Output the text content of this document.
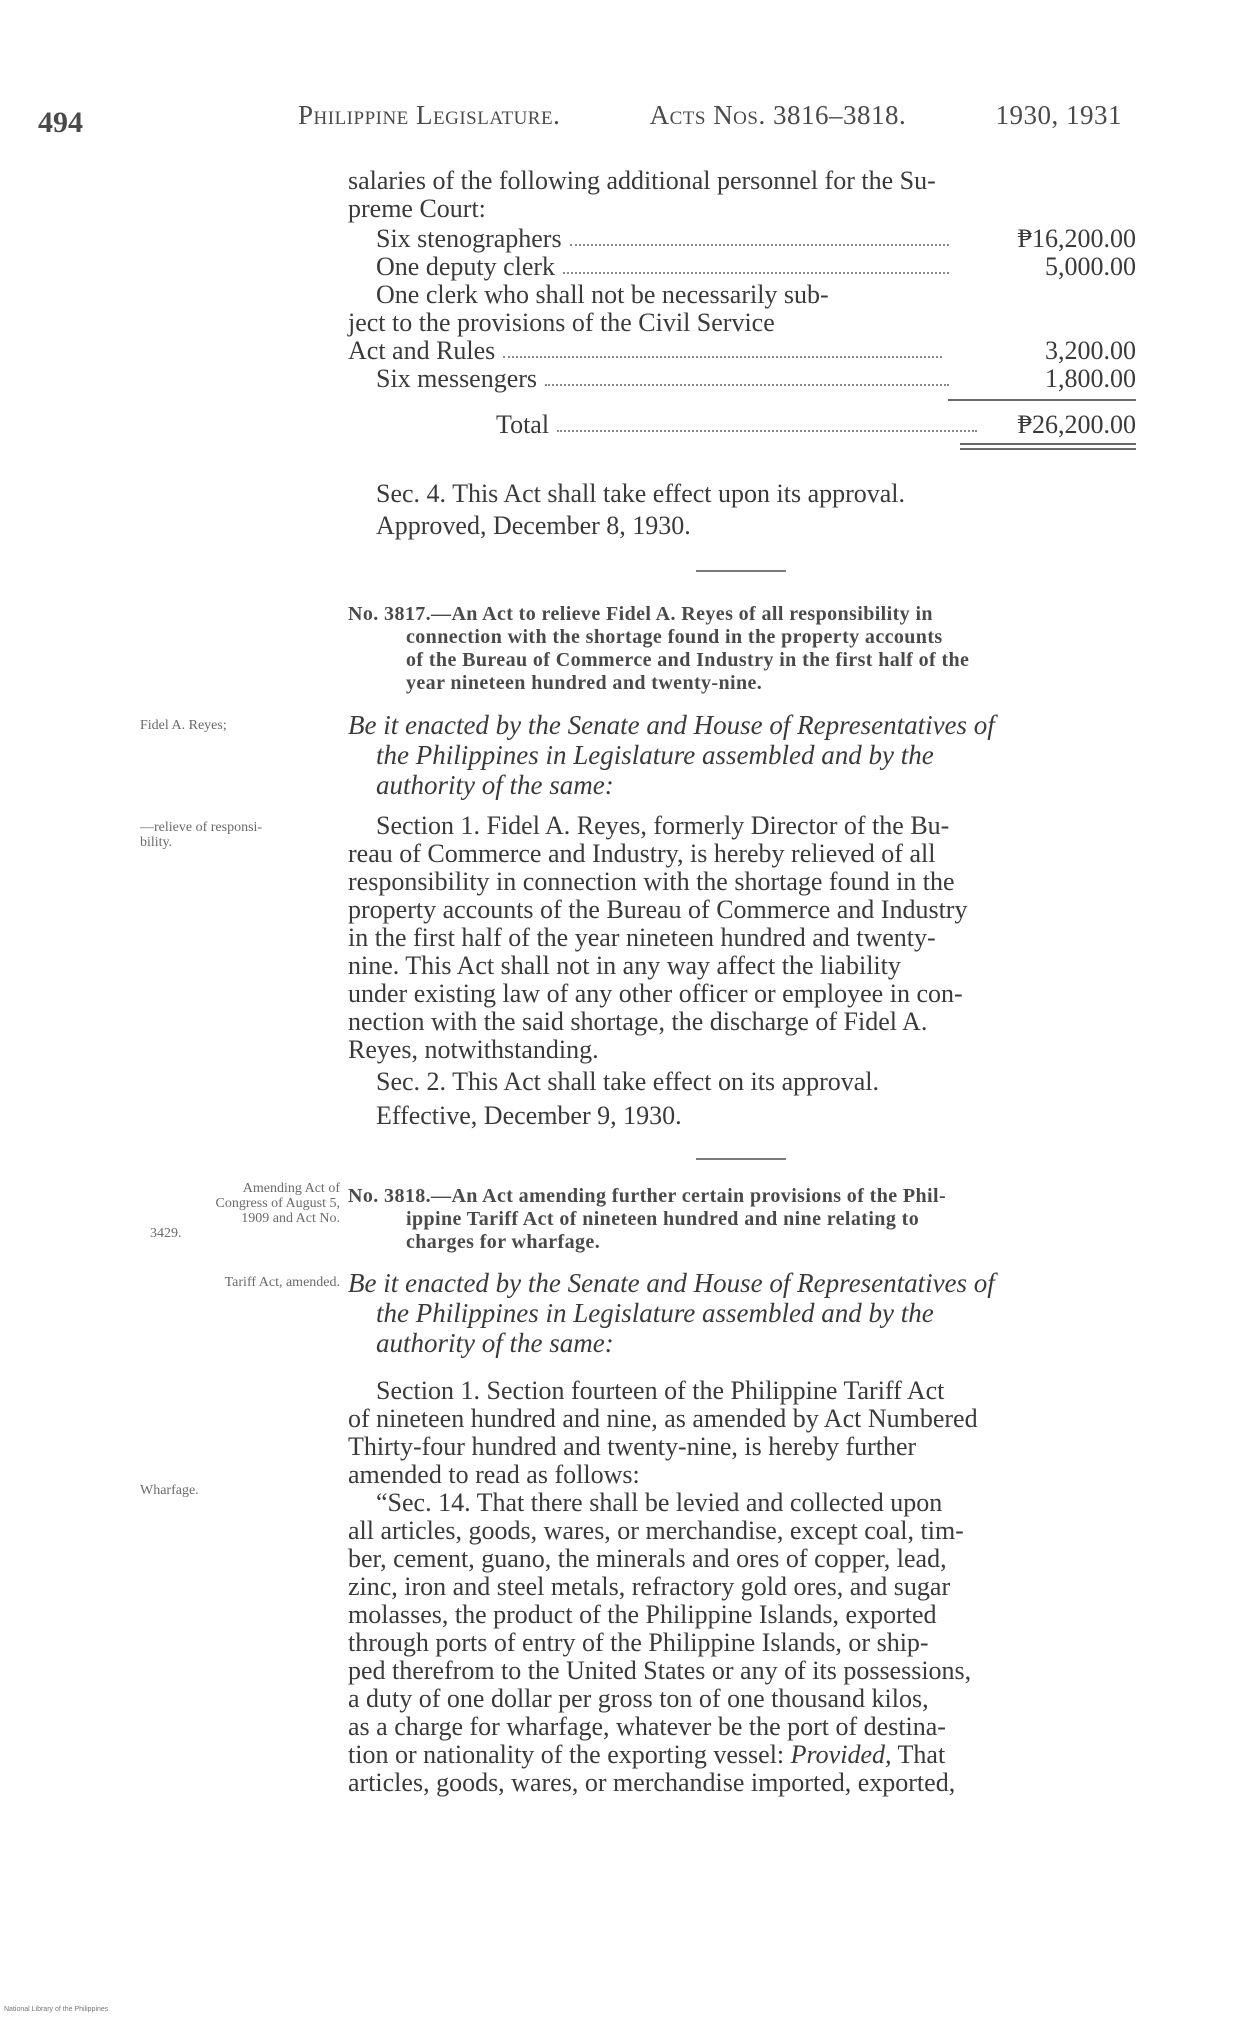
494	Philippine Legislature.	Acts Nos. 3816–3818.	1930, 1931
salaries of the following additional personnel for the Su-
preme Court:
Six stenographers	₱16,200.00
One deputy clerk	5,000.00
One clerk who shall not be necessarily sub-
ject to the provisions of the Civil Service
Act and Rules	3,200.00
Six messengers	1,800.00
Total	₱26,200.00
Sec. 4. This Act shall take effect upon its approval.
Approved, December 8, 1930.
No. 3817.—An Act to relieve Fidel A. Reyes of all responsibility in
connection with the shortage found in the property accounts
of the Bureau of Commerce and Industry in the first half of the
year nineteen hundred and twenty-nine.
Fidel A. Reyes;	Be it enacted by the Senate and House of Representatives of
the Philippines in Legislature assembled and by the
authority of the same:
—relieve of responsi-
bility.
Section 1. Fidel A. Reyes, formerly Director of the Bu-
reau of Commerce and Industry, is hereby relieved of all
responsibility in connection with the shortage found in the
property accounts of the Bureau of Commerce and Industry
in the first half of the year nineteen hundred and twenty-
nine. This Act shall not in any way affect the liability
under existing law of any other officer or employee in con-
nection with the said shortage, the discharge of Fidel A.
Reyes, notwithstanding.
Sec. 2. This Act shall take effect on its approval.
Effective, December 9, 1930.
Amending Act of
Congress of August 5,
1909 and Act No.
3429.
No. 3818.—An Act amending further certain provisions of the Phil-
ippine Tariff Act of nineteen hundred and nine relating to
charges for wharfage.
Tariff Act, amended. Be it enacted by the Senate and House of Representatives of
the Philippines in Legislature assembled and by the
authority of the same:
Section 1. Section fourteen of the Philippine Tariff Act
of nineteen hundred and nine, as amended by Act Numbered
Thirty-four hundred and twenty-nine, is hereby further
amended to read as follows:
Wharfage.	“Sec. 14. That there shall be levied and collected upon
all articles, goods, wares, or merchandise, except coal, tim-
ber, cement, guano, the minerals and ores of copper, lead,
zinc, iron and steel metals, refractory gold ores, and sugar
molasses, the product of the Philippine Islands, exported
through ports of entry of the Philippine Islands, or ship-
ped therefrom to the United States or any of its possessions,
a duty of one dollar per gross ton of one thousand kilos,
as a charge for wharfage, whatever be the port of destina-
tion or nationality of the exporting vessel: Provided, That
articles, goods, wares, or merchandise imported, exported,
National Library of the Philippines
